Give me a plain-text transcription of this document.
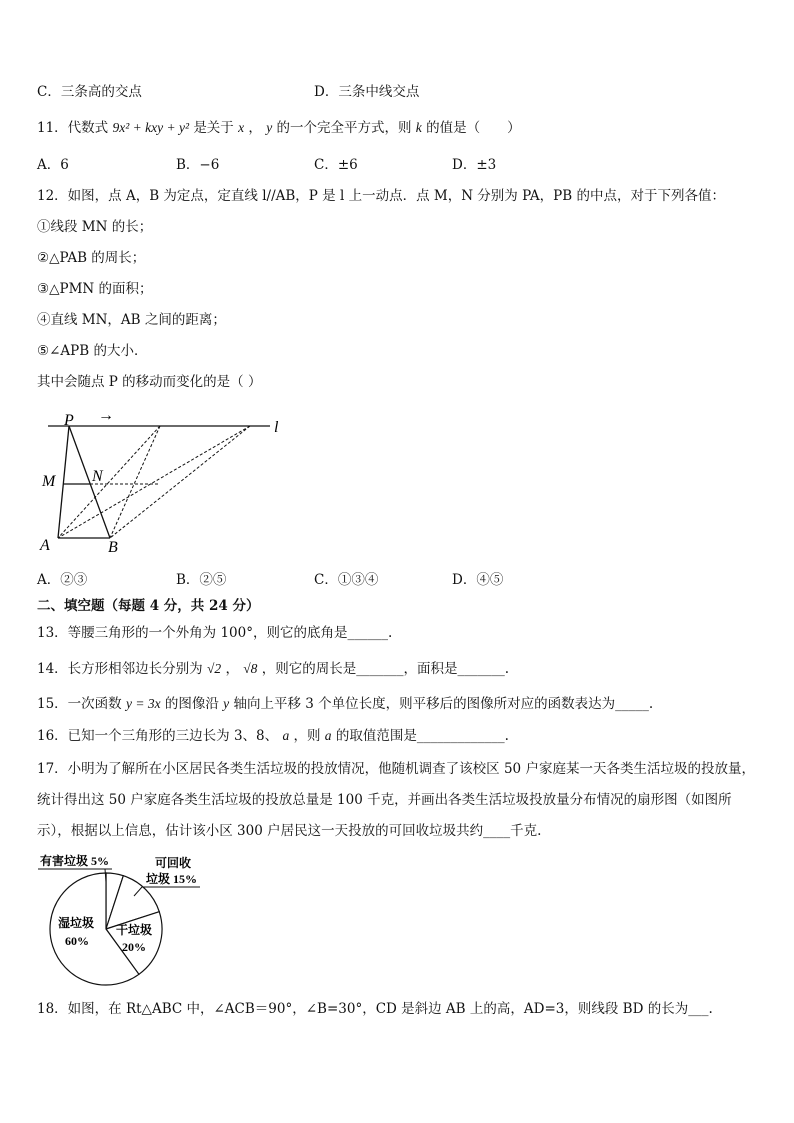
C．三条高的交点	D．三条中线交点
11．代数式 9x² + kxy + y² 是关于 x ， y 的一个完全平方式，则 k 的值是（　　）
A．6	B．−6	C．±6	D．±3
12．如图，点 A，B 为定点，定直线 l//AB，P 是 l 上一动点．点 M，N 分别为 PA，PB 的中点，对于下列各值：
①线段 MN 的长；
②△PAB 的周长；
③△PMN 的面积；
④直线 MN，AB 之间的距离；
⑤∠APB 的大小．
其中会随点 P 的移动而变化的是（ ）
l
P →
M N
A	B
A．②③	B．②⑤	C．①③④	D．④⑤
二、填空题（每题 4 分，共 24 分）
13．等腰三角形的一个外角为 100°，则它的底角是______.
14．长方形相邻边长分别为 √2 ， √8 ，则它的周长是_______，面积是_______.
15．一次函数 y = 3x 的图像沿 y 轴向上平移 3 个单位长度，则平移后的图像所对应的函数表达为_____.
16．已知一个三角形的三边长为 3、8、 a ，则 a 的取值范围是_____________.
17．小明为了解所在小区居民各类生活垃圾的投放情况，他随机调查了该校区 50 户家庭某一天各类生活垃圾的投放量，
统计得出这 50 户家庭各类生活垃圾的投放总量是 100 千克，并画出各类生活垃圾投放量分布情况的扇形图（如图所
示），根据以上信息，估计该小区 300 户居民这一天投放的可回收垃圾共约____千克.
有害垃圾 5%	可回收
垃圾 15%
湿垃圾
60%
干垃圾
20%
18．如图，在 Rt△ABC 中，∠ACB＝90°，∠B=30°，CD 是斜边 AB 上的高，AD=3，则线段 BD 的长为___.
